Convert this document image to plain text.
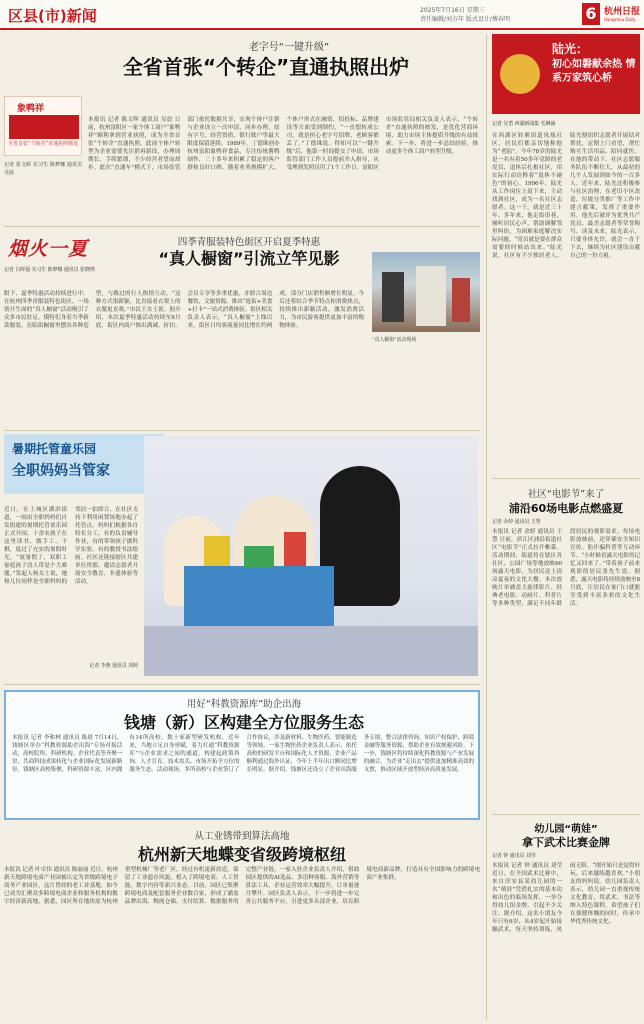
区县(市)新闻	2025年7月16日 星期三
责任编辑/刘方年 版式设计/傅春明	6 杭州日报
Hangzhou Daily
老字号“一键升级”
全省首张“个转企”直通执照出炉
象鸭祥
全省首张“个转企”直通执照颁发
记者 张文晖 实习生 陈梦娜 通讯员 吴晨
本报讯 记者 陈文晖 通讯员 吴晨 日前，杭州富阳区一家个体工商户“象鸭祥”顺利拿到营业执照，成为全省首张“个转企”直通执照。此前个体户转型为企业需要先注销再新设，办理周期长、手续繁琐，不少经营者望而却步。此次“直通车”模式下，市场监管部门依托数据共享，实现个体户注销与企业设立一次申请、同步办理，原有字号、经营资质、银行账户等最大限度保留延续。1989年，丁德珠创办杭州富阳象鸭祥食品，专注传统酱鸭制作，三十多年来积累了稳定的客户群和良好口碑。随着业务规模扩大，个体户形式在融资、招投标、品牌建设等方面受到制约。“一直想转成公司，就是担心老字号招牌、老顾客都丢了。”丁德珠说。得知可以“一键升级”后，他第一时间提交了申请。市场监管部门工作人员提前介入指导，从受理到发照仅用了1个工作日。富阳区市场监管局相关负责人表示，“个转企”直通执照的核发，是优化营商环境、助力市场主体提质升级的有益探索。下一步，将进一步总结经验，推动更多个体工商户转型升级。
烟火一夏	四季青服装特色街区开启夏季特惠
“真人橱窗”引流立竿见影
记者 吕晖强 实习生 陈梦娜 通讯员 张晓瑛
眼下，夏季特惠活动持续进行中。在杭州四季青服装特色街区，一场别开生面的“真人橱窗”活动吸引了众多市民驻足。模特们身着当季新款服装，在临街橱窗里摆出各种造型，与路过的行人热情互动。“这种方式很新颖，比直接看衣架上的衣服更直观。”市民王女士说。据介绍，本次夏季特惠活动持续至8月底，街区内商户推出满减、折扣、会员专享等多重优惠，并联合周边餐饮、文旅资源，推出“逛街+美食+打卡”一站式消费体验。街区相关负责人表示，“真人橱窗”上线以来，街区日均客流量同比增长约两成，部分门店销售额增长明显。今后还将结合季节特点和消费热点，持续推出新颖活动，激发消费活力，为市民游客提供更加丰富的购物体验。
“真人橱窗”活动现场
暑期托管童乐园
全职妈妈当管家
近日，在上城区湖滨街道，一间由全职妈妈们自发组建的暑期托管童乐园正式开园。十余名孩子在这里读书、做手工、下棋，度过了充实的暑假时光。“放暑假了，双职工家庭孩子没人带是个大难题。”发起人杨女士说，她和几位同样是全职妈妈的邻居一拍即合，在社区支持下利用闲置场地办起了托管点。妈妈们根据各自特长分工，有的负责辅导作业，有的带领孩子做科学实验，有的教授书法绘画。社区还链接辖区共建单位资源，邀请志愿者开展安全教育、非遗体验等活动。
记者 李燕 通讯员 周婷
用好“科教资源库”助企出海
钱塘（新）区构建全方位服务生态
本报讯 记者 李和林 通讯员 陈晨 7月14日，钱塘区举办“科教资源助企出海”专场对接活动，高校院所、科研机构、企业代表等齐聚一堂，共商科技成果转化与企业国际化发展新路径。钱塘区高校集聚、科研资源丰富，区内拥有14所高校、数十家新型研发机构。近年来，当地立足自身禀赋，着力打通“科教资源库”与企业需求之间的通道，构建起政策咨询、人才引育、技术攻关、市场开拓全方位的服务生态。活动现场，多所高校与企业签订了合作协议，涉及新材料、生物医药、智能制造等领域。一家生物医药企业负责人表示，依托高校的研发平台和国际化人才资源，企业产品顺利通过海外认证，今年上半年出口额同比增长明显。据介绍，钱塘区还设立了企业出海服务专窗，整合法律咨询、知识产权保护、跨境金融等服务资源，帮助企业有效规避风险。下一步，钱塘区将持续深化科教资源与产业发展的融合，为企业“走出去”提供更加精准高效的支撑，推动区域开放型经济高质量发展。
从工业锈带到算法高地
杭州新天地蝶变省级跨境枢纽
本报讯 记者 叶卓伟 通讯员 陈丽丽 近日，杭州新天地跨境电商产业园被认定为省级跨境电子商务产业园区。这片曾经的老工业基地，如今已成为汇聚众多跨境电商企业和服务机构的数字经济新高地。据悉，园区所在地块原为杭州重型机械厂等老厂区，经过有机更新改造，保留了工业遗存风貌，植入了跨境电商、人工智能、数字内容等新兴业态。目前，园区已集聚跨境电商及配套服务企业数百家，形成了涵盖品牌出海、物流仓储、支付结算、数据服务的完整产业链。一家入驻企业负责人介绍，借助园区提供的AI选品、多语种客服、海外营销等算法工具，企业运营效率大幅提升，订单量逐月攀升。园区负责人表示，下一步将进一步完善公共服务平台，引进更多头部企业，培育跨境电商新品牌，打造具有全国影响力的跨境电商产业集群。
陆光：
初心如磐献余热 情系万家筑心桥
记者 吴勇 西湖新闻集 毛琳涵
在西湖区转塘街道凤凰社区，居民们都亲切地称他为“老陆”。今年78岁的陆光是一名有着50多年党龄的老党员，退休后扎根社区，用实际行动诠释着“退休不褪色”的初心。1996年，陆光从工作岗位上退下来，主动找到社区，成为一名社区志愿者。这一干，就是近三十年。多年来，他走街串巷，倾听居民心声，帮助调解邻里纠纷，为困难家庭解决实际问题。“党员就是要在群众需要的时候站出来。”陆光说。社区有不少独居老人，陆光便组织志愿者开展结对帮扶，定期上门看望，帮忙购买生活用品、陪同就医。在他的带动下，社区志愿服务队伍不断壮大，从最初的几个人发展到如今的一百多人。近年来，陆光还积极参与社区治理，在老旧小区改造、垃圾分类推广等工作中建言献策，发挥了重要作用。他先后被评为优秀共产党员、最美志愿者等荣誉称号。谈及未来，陆光表示，只要身体允许，就会一直干下去，继续为社区建设贡献自己的一份力量。
社区“电影节”来了
浦沿60场电影点燃盛夏
记者 余婷 通讯员 王慧
本报讯 记者 余婷 通讯员 王慧 日前，滨江区浦沿街道社区“电影节”正式拉开帷幕。活动期间，街道将在辖区各社区、公园广场等地放映60场露天电影，为居民送上清凉夏夜的文化大餐。本次放映片单涵盖主旋律影片、经典老电影、动画片、科普片等多种类型，满足不同年龄段居民的观影需求。每场电影放映前，还穿插安全知识宣传、防诈骗科普等互动环节。“小时候看露天电影的记忆又回来了。”带着孩子前来观影的居民张先生说。据悉，露天电影将持续放映至8月底，让居民在家门口就能享受到丰富多彩的文化生活。
幼儿园“萌娃”
拿下武术比赛金牌
记者 钟 通讯员 刘莹
本报讯 记者 钟 通讯员 刘莹 近日，在全国武术比赛中，来自淳安县某幼儿园的一名“萌娃”凭借扎实的基本功和出色的临场发挥，一举夺得幼儿组金牌，引起不少关注。据介绍，这名小朋友今年只有6岁，从4岁起开始接触武术，每天坚持训练，风雨无阻。“刚开始只是觉得好玩，后来越练越喜欢。”小朋友的妈妈说。幼儿园负责人表示，幼儿园一直重视传统文化教育，将武术、书法等纳入特色课程，希望孩子们在强健体魄的同时，传承中华优秀传统文化。
